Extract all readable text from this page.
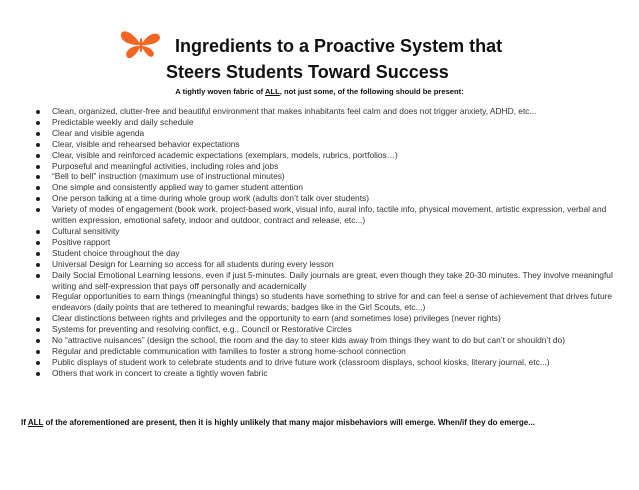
Ingredients to a Proactive System that
Steers Students Toward Success

A tightly woven fabric of ALL, not just some, of the following should be present:

Clean, organized, clutter-free and beautiful environment that makes inhabitants feel calm and does not trigger anxiety, ADHD, etc...
Predictable weekly and daily schedule
Clear and visible agenda
Clear, visible and rehearsed behavior expectations
Clear, visible and reinforced academic expectations (exemplars, models, rubrics, portfolios…)
Purposeful and meaningful activities, including roles and jobs
“Bell to bell” instruction (maximum use of instructional minutes)
One simple and consistently applied way to gamer student attention
One person talking at a time during whole group work (adults don’t talk over students)
Variety of modes of engagement (book work, project-based work, visual info, aural info, tactile info, physical movement, artistic expression, verbal and written expression, emotional safety, indoor and outdoor, contract and release, etc...)
Cultural sensitivity
Positive rapport
Student choice throughout the day
Universal Design for Learning so access for all students during every lesson
Daily Social Emotional Learning lessons, even if just 5-minutes. Daily journals are great, even though they take 20-30 minutes. They involve meaningful writing and self-expression that pays off personally and academically
Regular opportunities to earn things (meaningful things) so students have something to strive for and can feel a sense of achievement that drives future endeavors (daily points that are tethered to meaningful rewards; badges like in the Girl Scouts, etc...)
Clear distinctions between rights and privileges and the opportunity to earn (and sometimes lose) privileges (never rights)
Systems for preventing and resolving conflict, e.g., Council or Restorative Circles
No “attractive nuisances” (design the school, the room and the day to steer kids away from things they want to do but can’t or shouldn’t do)
Regular and predictable communication with families to foster a strong home-school connection
Public displays of student work to celebrate students and to drive future work (classroom displays, school kiosks, literary journal, etc...)
Others that work in concert to create a tightly woven fabric

If ALL of the aforementioned are present, then it is highly unlikely that many major misbehaviors will emerge. When/if they do emerge...
